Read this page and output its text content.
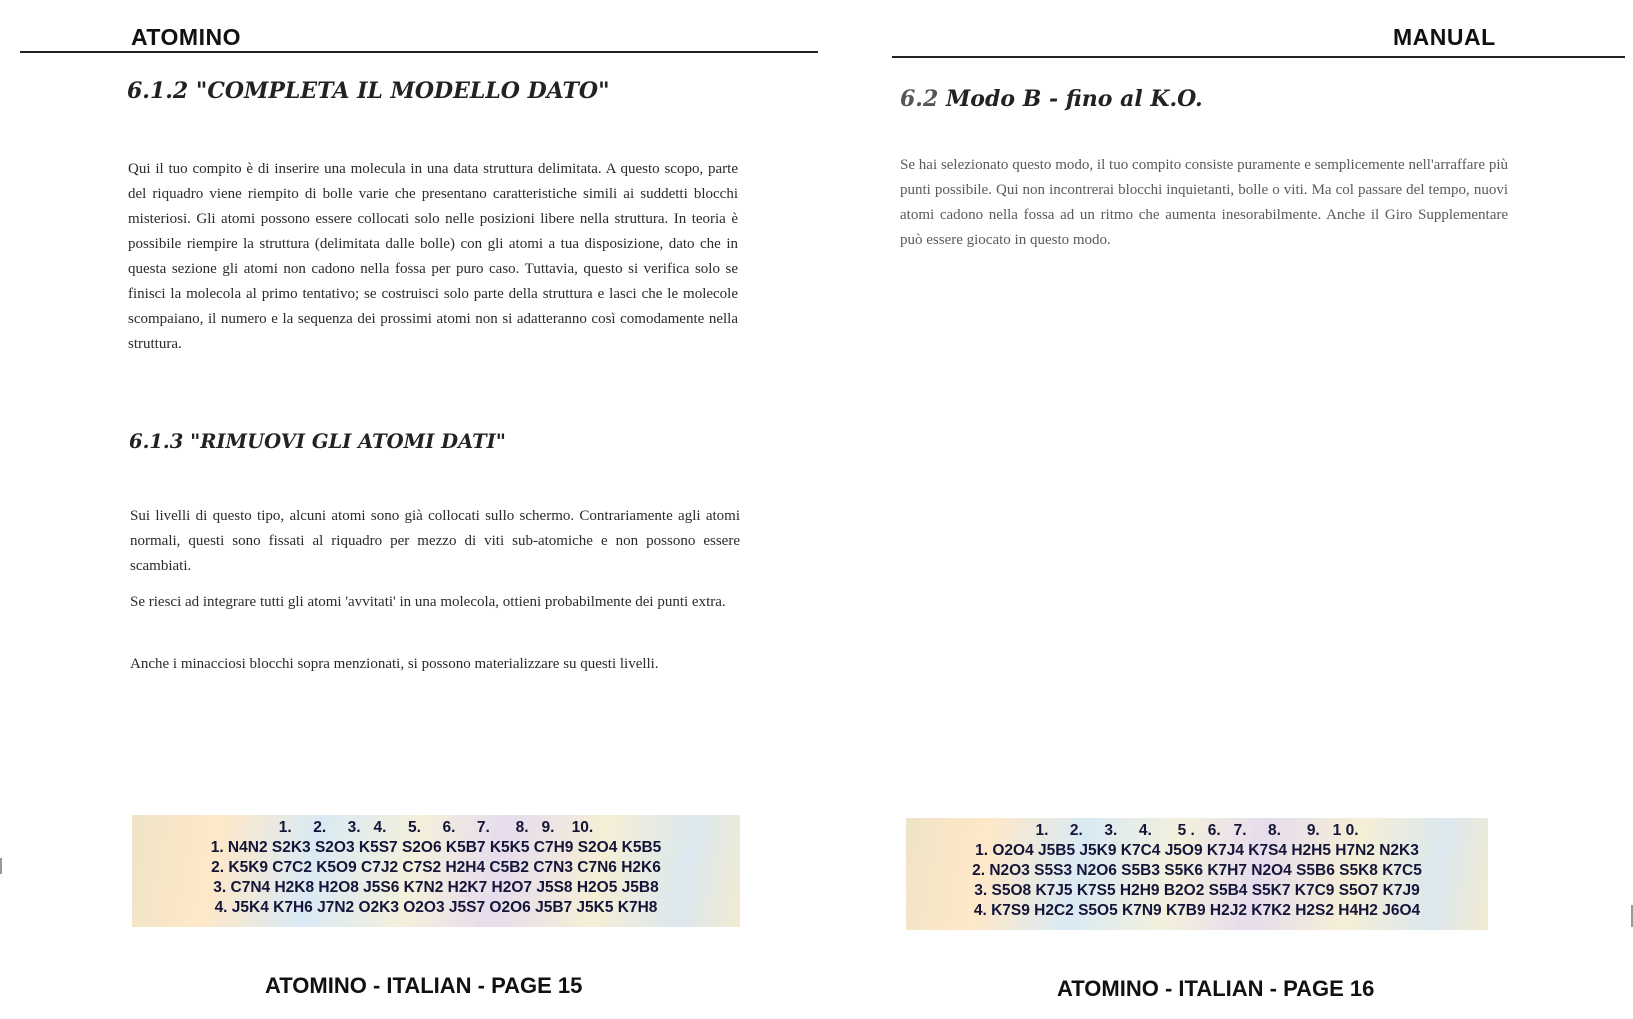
ATOMINO
6.1.2 "COMPLETA IL MODELLO DATO"

Qui il tuo compito è di inserire una molecula in una data struttura delimitata. A questo scopo, parte del riquadro viene riempito di bolle varie che presentano caratteristiche simili ai suddetti blocchi misteriosi. Gli atomi possono essere collocati solo nelle posizioni libere nella struttura. In teoria è possibile riempire la struttura (delimitata dalle bolle) con gli atomi a tua disposizione, dato che in questa sezione gli atomi non cadono nella fossa per puro caso. Tuttavia, questo si verifica solo se finisci la molecola al primo tentativo; se costruisci solo parte della struttura e lasci che le molecole scompaiano, il numero e la sequenza dei prossimi atomi non si adatteranno così comodamente nella struttura.

6.1.3 "RIMUOVI GLI ATOMI DATI"

Sui livelli di questo tipo, alcuni atomi sono già collocati sullo schermo. Contrariamente agli atomi normali, questi sono fissati al riquadro per mezzo di viti sub-atomiche e non possono essere scambiati.

Se riesci ad integrare tutti gli atomi 'avvitati' in una molecola, ottieni probabilmente dei punti extra.

Anche i minacciosi blocchi sopra menzionati, si possono materializzare su questi livelli.

1.     2.     3.   4.     5.     6.     7.      8.   9.    10.
1. N4N2 S2K3 S2O3 K5S7 S2O6 K5B7 K5K5 C7H9 S2O4 K5B5
2. K5K9 C7C2 K5O9 C7J2 C7S2 H2H4 C5B2 C7N3 C7N6 H2K6
3. C7N4 H2K8 H2O8 J5S6 K7N2 H2K7 H2O7 J5S8 H2O5 J5B8
4. J5K4 K7H6 J7N2 O2K3 O2O3 J5S7 O2O6 J5B7 J5K5 K7H8

ATOMINO - ITALIAN - PAGE 15

MANUAL
6.2 Modo B - fino al K.O.

Se hai selezionato questo modo, il tuo compito consiste puramente e semplicemente nell'arraffare più punti possibile. Qui non incontrerai blocchi inquietanti, bolle o viti. Ma col passare del tempo, nuovi atomi cadono nella fossa ad un ritmo che aumenta inesorabilmente. Anche il Giro Supplementare può essere giocato in questo modo.

1.     2.     3.     4.      5 .   6.   7.     8.      9.   1 0.
1. O2O4 J5B5 J5K9 K7C4 J5O9 K7J4 K7S4 H2H5 H7N2 N2K3
2. N2O3 S5S3 N2O6 S5B3 S5K6 K7H7 N2O4 S5B6 S5K8 K7C5
3. S5O8 K7J5 K7S5 H2H9 B2O2 S5B4 S5K7 K7C9 S5O7 K7J9
4. K7S9 H2C2 S5O5 K7N9 K7B9 H2J2 K7K2 H2S2 H4H2 J6O4

ATOMINO - ITALIAN - PAGE 16
